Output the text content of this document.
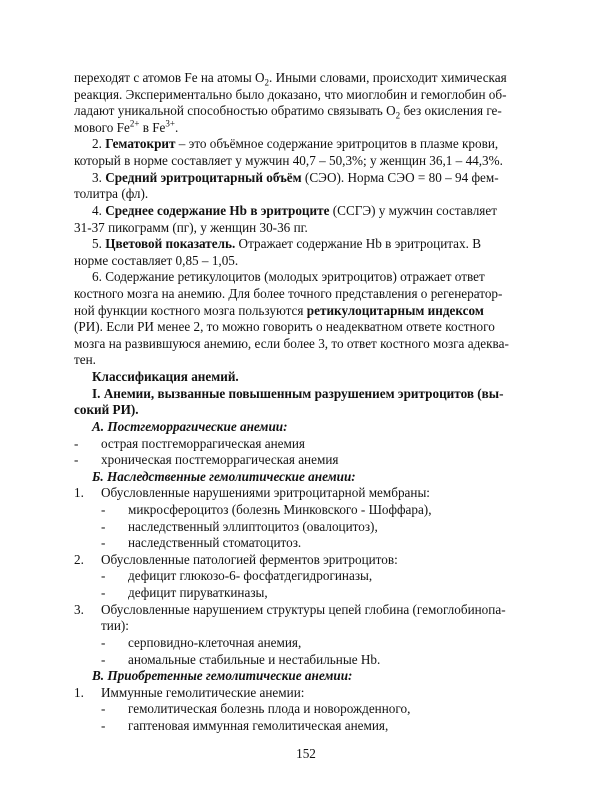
переходят с атомов Fe на атомы $O_2$. Иными словами, происходит химическая
реакция. Экспериментально было доказано, что миоглобин и гемоглобин об-
ладают уникальной способностью обратимо связывать $O_2$ без окисления ге-
мового $Fe^{2+}$ в $Fe^{3+}$.
2. Гематокрит – это объёмное содержание эритроцитов в плазме крови,
который в норме составляет у мужчин 40,7 – 50,3%; у женщин 36,1 – 44,3%.
3. Средний эритроцитарный объём (СЭО). Норма СЭО = 80 – 94 фем-
толитра (фл).
4. Среднее содержание Hb в эритроците (ССГЭ) у мужчин составляет
31-37 пикограмм (пг), у женщин 30-36 пг.
5. Цветовой показатель. Отражает содержание Hb в эритроцитах. В
норме составляет 0,85 – 1,05.
6. Содержание ретикулоцитов (молодых эритроцитов) отражает ответ
костного мозга на анемию. Для более точного представления о регенератор-
ной функции костного мозга пользуются ретикулоцитарным индексом
(РИ). Если РИ менее 2, то можно говорить о неадекватном ответе костного
мозга на развившуюся анемию, если более 3, то ответ костного мозга адеква-
тен.
Классификация анемий.
I. Анемии, вызванные повышенным разрушением эритроцитов (вы-
сокий РИ).
А. Постгеморрагические анемии:
- острая постгеморрагическая анемия
- хроническая постгеморрагическая анемия
Б. Наследственные гемолитические анемии:
1. Обусловленные нарушениями эритроцитарной мембраны:
- микросфероцитоз (болезнь Минковского - Шоффара),
- наследственный эллиптоцитоз (овалоцитоз),
- наследственный стоматоцитоз.
2. Обусловленные патологией ферментов эритроцитов:
- дефицит глюкозо-6- фосфатдегидрогиназы,
- дефицит пируваткиназы,
3. Обусловленные нарушением структуры цепей глобина (гемоглобинопа-
тии):
- серповидно-клеточная анемия,
- аномальные стабильные и нестабильные Hb.
В. Приобретенные гемолитические анемии:
1. Иммунные гемолитические анемии:
- гемолитическая болезнь плода и новорожденного,
- гаптеновая иммунная гемолитическая анемия,
152
